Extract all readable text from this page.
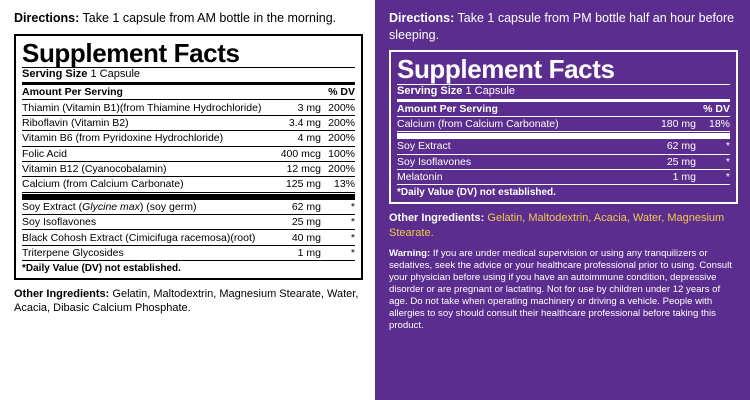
Directions: Take 1 capsule from AM bottle in the morning.
Supplement Facts
Serving Size 1 Capsule
Amount Per Serving		% DV
Thiamin (Vitamin B1)(from Thiamine Hydrochloride)	3 mg	200%
Riboflavin (Vitamin B2)	3.4 mg	200%
Vitamin B6 (from Pyridoxine Hydrochloride)	4 mg	200%
Folic Acid	400 mcg	100%
Vitamin B12 (Cyanocobalamin)	12 mcg	200%
Calcium (from Calcium Carbonate)	125 mg	13%
Soy Extract (Glycine max) (soy germ)	62 mg	*
Soy Isoflavones	25 mg	*
Black Cohosh Extract (Cimicifuga racemosa)(root)	40 mg	*
Triterpene Glycosides	1 mg	*
*Daily Value (DV) not established.
Other Ingredients: Gelatin, Maltodextrin, Magnesium Stearate, Water, Acacia, Dibasic Calcium Phosphate.
Directions: Take 1 capsule from PM bottle half an hour before sleeping.
Supplement Facts
Serving Size 1 Capsule
Amount Per Serving		% DV
Calcium (from Calcium Carbonate)	180 mg	18%
Soy Extract	62 mg	*
Soy Isoflavones	25 mg	*
Melatonin	1 mg	*
*Daily Value (DV) not established.
Other Ingredients: Gelatin, Maltodextrin, Acacia, Water, Magnesium Stearate.
Warning: If you are under medical supervision or using any tranquilizers or sedatives, seek the advice or your healthcare professional prior to using. Consult your physician before using if you have an autoimmune condition, depressive disorder or are pregnant or lactating. Not for use by children under 12 years of age. Do not take when operating machinery or driving a vehicle. People with allergies to soy should consult their healthcare professional before taking this product.
